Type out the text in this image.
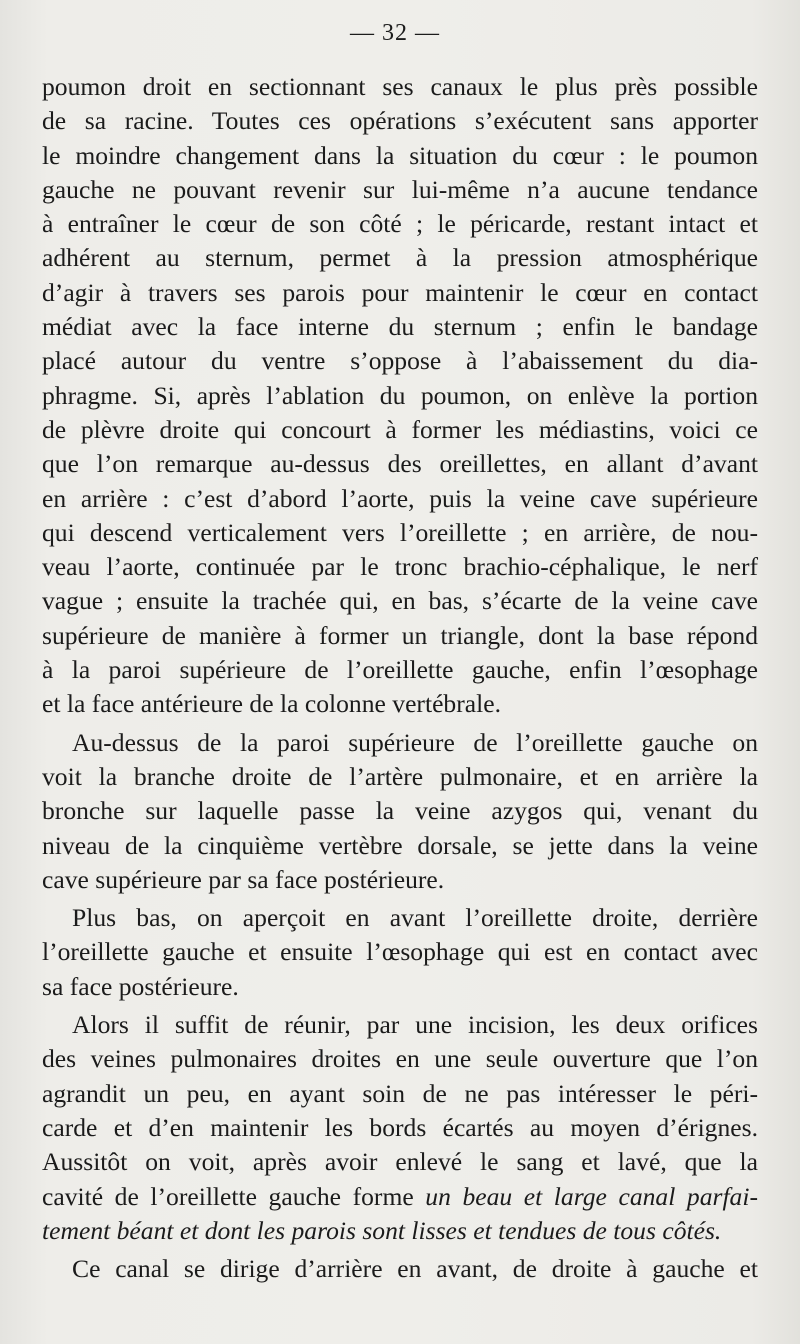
— 32 —
poumon droit en sectionnant ses canaux le plus près possible
de sa racine. Toutes ces opérations s’exécutent sans apporter
le moindre changement dans la situation du cœur : le poumon
gauche ne pouvant revenir sur lui-même n’a aucune tendance
à entraîner le cœur de son côté ; le péricarde, restant intact et
adhérent au sternum, permet à la pression atmosphérique
d’agir à travers ses parois pour maintenir le cœur en contact
médiat avec la face interne du sternum ; enfin le bandage
placé autour du ventre s’oppose à l’abaissement du dia-
phragme. Si, après l’ablation du poumon, on enlève la portion
de plèvre droite qui concourt à former les médiastins, voici ce
que l’on remarque au-dessus des oreillettes, en allant d’avant
en arrière : c’est d’abord l’aorte, puis la veine cave supérieure
qui descend verticalement vers l’oreillette ; en arrière, de nou-
veau l’aorte, continuée par le tronc brachio-céphalique, le nerf
vague ; ensuite la trachée qui, en bas, s’écarte de la veine cave
supérieure de manière à former un triangle, dont la base répond
à la paroi supérieure de l’oreillette gauche, enfin l’œsophage
et la face antérieure de la colonne vertébrale.
Au-dessus de la paroi supérieure de l’oreillette gauche on
voit la branche droite de l’artère pulmonaire, et en arrière la
bronche sur laquelle passe la veine azygos qui, venant du
niveau de la cinquième vertèbre dorsale, se jette dans la veine
cave supérieure par sa face postérieure.
Plus bas, on aperçoit en avant l’oreillette droite, derrière
l’oreillette gauche et ensuite l’œsophage qui est en contact avec
sa face postérieure.
Alors il suffit de réunir, par une incision, les deux orifices
des veines pulmonaires droites en une seule ouverture que l’on
agrandit un peu, en ayant soin de ne pas intéresser le péri-
carde et d’en maintenir les bords écartés au moyen d’érignes.
Aussitôt on voit, après avoir enlevé le sang et lavé, que la
cavité de l’oreillette gauche forme un beau et large canal parfai-
tement béant et dont les parois sont lisses et tendues de tous côtés.
Ce canal se dirige d’arrière en avant, de droite à gauche et
